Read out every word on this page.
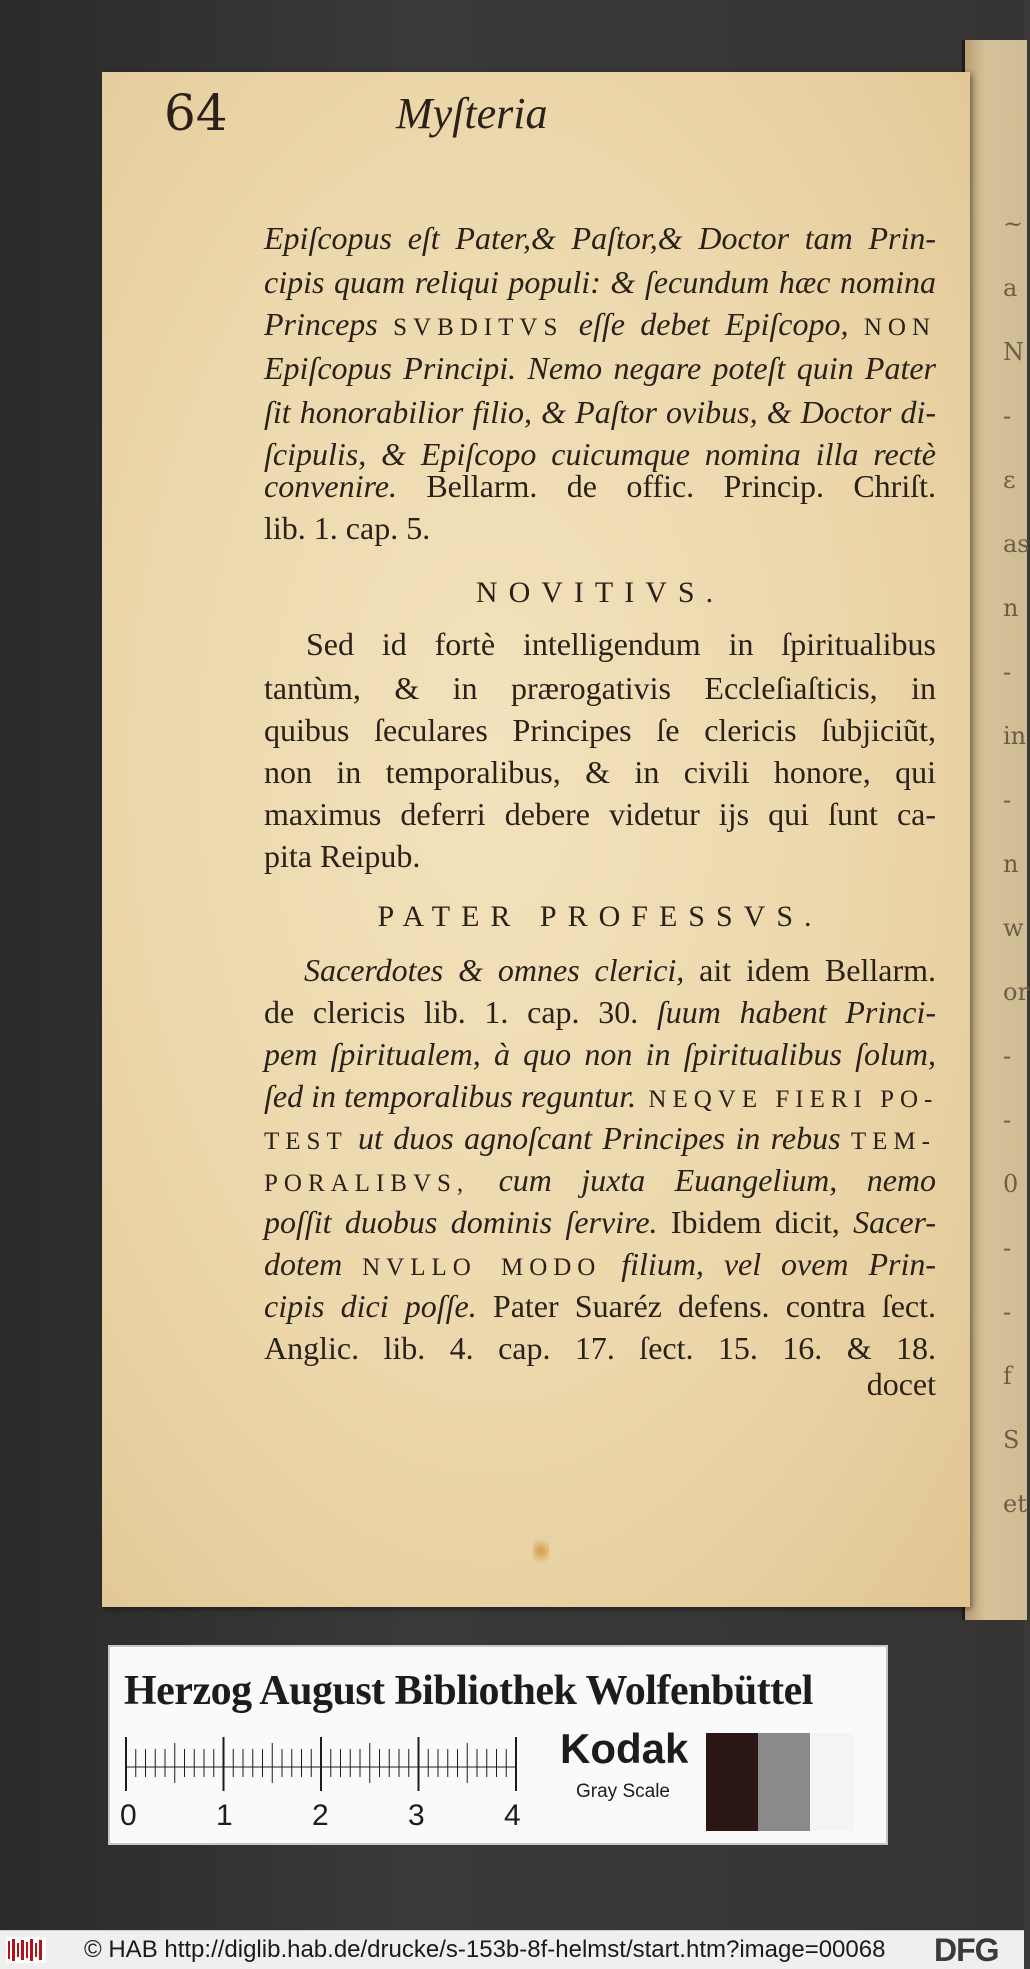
~
a
N
-
ε
as
n
-
in
-
n
w
or
-
-
0
-
-
f
S
et
64	Myſteria
Epiſcopus eſt Pater,& Paſtor,& Doctor tam Prin-
cipis quam reliqui populi: & ſecundum hæc nomina
Princeps SVBDITVS eſſe debet Epiſcopo, NON
Epiſcopus Principi. Nemo negare poteſt quin Pater
ſit honorabilior filio, & Paſtor ovibus, & Doctor di-
ſcipulis, & Epiſcopo cuicumque nomina illa rectè
convenire. Bellarm. de offic. Princip. Chriſt.
lib. 1. cap. 5.
NOVITIVS.
Sed id fortè intelligendum in ſpiritualibus
tantùm, & in prærogativis Eccleſiaſticis, in
quibus ſeculares Principes ſe clericis ſubjiciũt,
non in temporalibus, & in civili honore, qui
maximus deferri debere videtur ijs qui ſunt ca-
pita Reipub.
PATER PROFESSVS.
Sacerdotes & omnes clerici, ait idem Bellarm.
de clericis lib. 1. cap. 30. ſuum habent Princi-
pem ſpiritualem, à quo non in ſpiritualibus ſolum,
ſed in temporalibus reguntur. NEQVE FIERI PO-
TEST ut duos agnoſcant Principes in rebus TEM-
PORALIBVS, cum juxta Euangelium, nemo
poſſit duobus dominis ſervire. Ibidem dicit, Sacer-
dotem NVLLO MODO filium, vel ovem Prin-
cipis dici poſſe. Pater Suaréz defens. contra ſect.
Anglic. lib. 4. cap. 17. ſect. 15. 16. & 18.
docet
Herzog August Bibliothek Wolfenbüttel
0	1	2	3	4
Kodak
Gray Scale
© HAB http://diglib.hab.de/drucke/s-153b-8f-helmst/start.htm?image=00068 DFG
